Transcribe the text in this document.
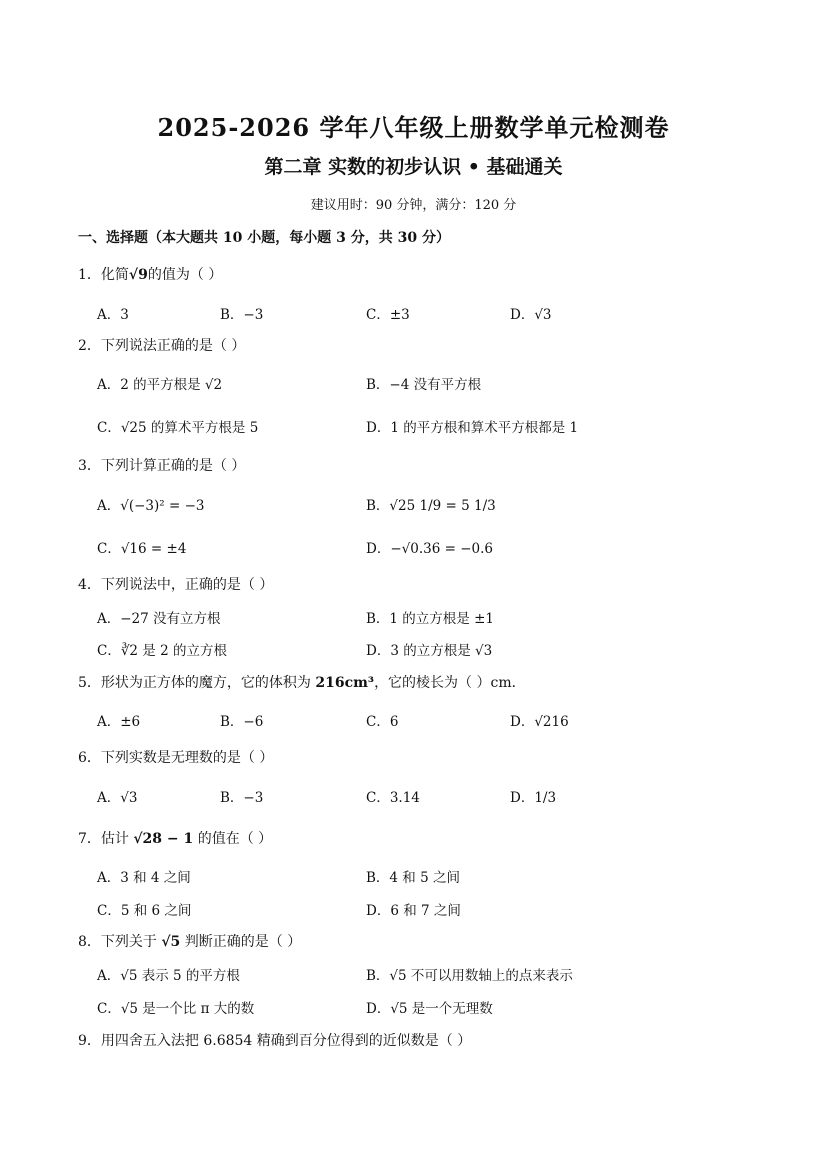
2025-2026 学年八年级上册数学单元检测卷
第二章 实数的初步认识 • 基础通关
建议用时：90 分钟，满分：120 分
一、选择题（本大题共 10 小题，每小题 3 分，共 30 分）
1．化简√9的值为（ ）
A．3	B．−3	C．±3	D．√3
2．下列说法正确的是（ ）
A．2 的平方根是 √2	B．−4 没有平方根
C．√25 的算术平方根是 5	D．1 的平方根和算术平方根都是 1
3．下列计算正确的是（ ）
A．√(−3)² = −3	B．√25 1/9 = 5 1/3
C．√16 = ±4	D．−√0.36 = −0.6
4．下列说法中，正确的是（ ）
A．−27 没有立方根	B．1 的立方根是 ±1
C．∛2 是 2 的立方根	D．3 的立方根是 √3
5．形状为正方体的魔方，它的体积为 216cm³，它的棱长为（ ）cm．
A．±6	B．−6	C．6	D．√216
6．下列实数是无理数的是（ ）
A．√3	B．−3	C．3.14	D．1/3
7．估计 √28 − 1 的值在（ ）
A．3 和 4 之间	B．4 和 5 之间
C．5 和 6 之间	D．6 和 7 之间
8．下列关于 √5 判断正确的是（ ）
A．√5 表示 5 的平方根	B．√5 不可以用数轴上的点来表示
C．√5 是一个比 π 大的数	D．√5 是一个无理数
9．用四舍五入法把 6.6854 精确到百分位得到的近似数是（ ）
